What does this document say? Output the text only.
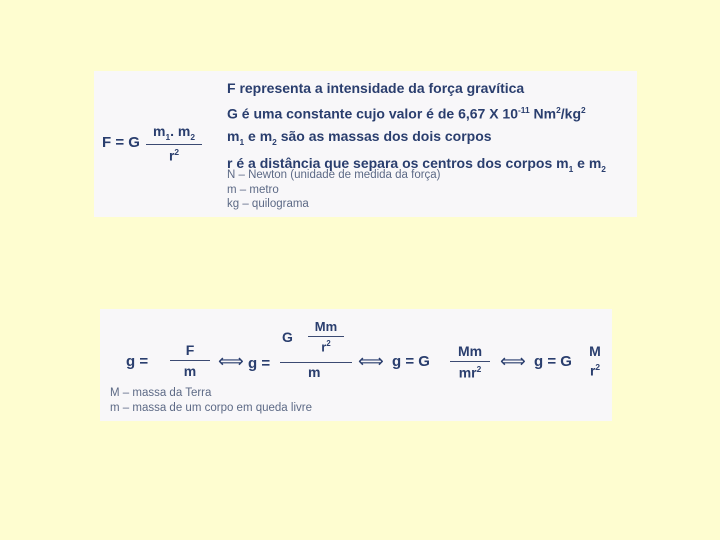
F = G
$m_1$. $m_2$
$r^2$
F representa a intensidade da força gravítica
G é uma constante cujo valor é de 6,67 X $10^{-11}$ $Nm^2/kg^2$
$m_1$ e $m_2$ são as massas dos dois corpos
r é a distância que separa os centros dos corpos $m_1$ e $m_2$
N – Newton (unidade de medida da força)
m – metro
kg – quilograma
g =
F
m	⟺ g =
G
Mm
$r^2$
m
⟺ g = G
Mm
$mr^2$	⟺ g = G
M
$r^2$
M – massa da Terra
m – massa de um corpo em queda livre
